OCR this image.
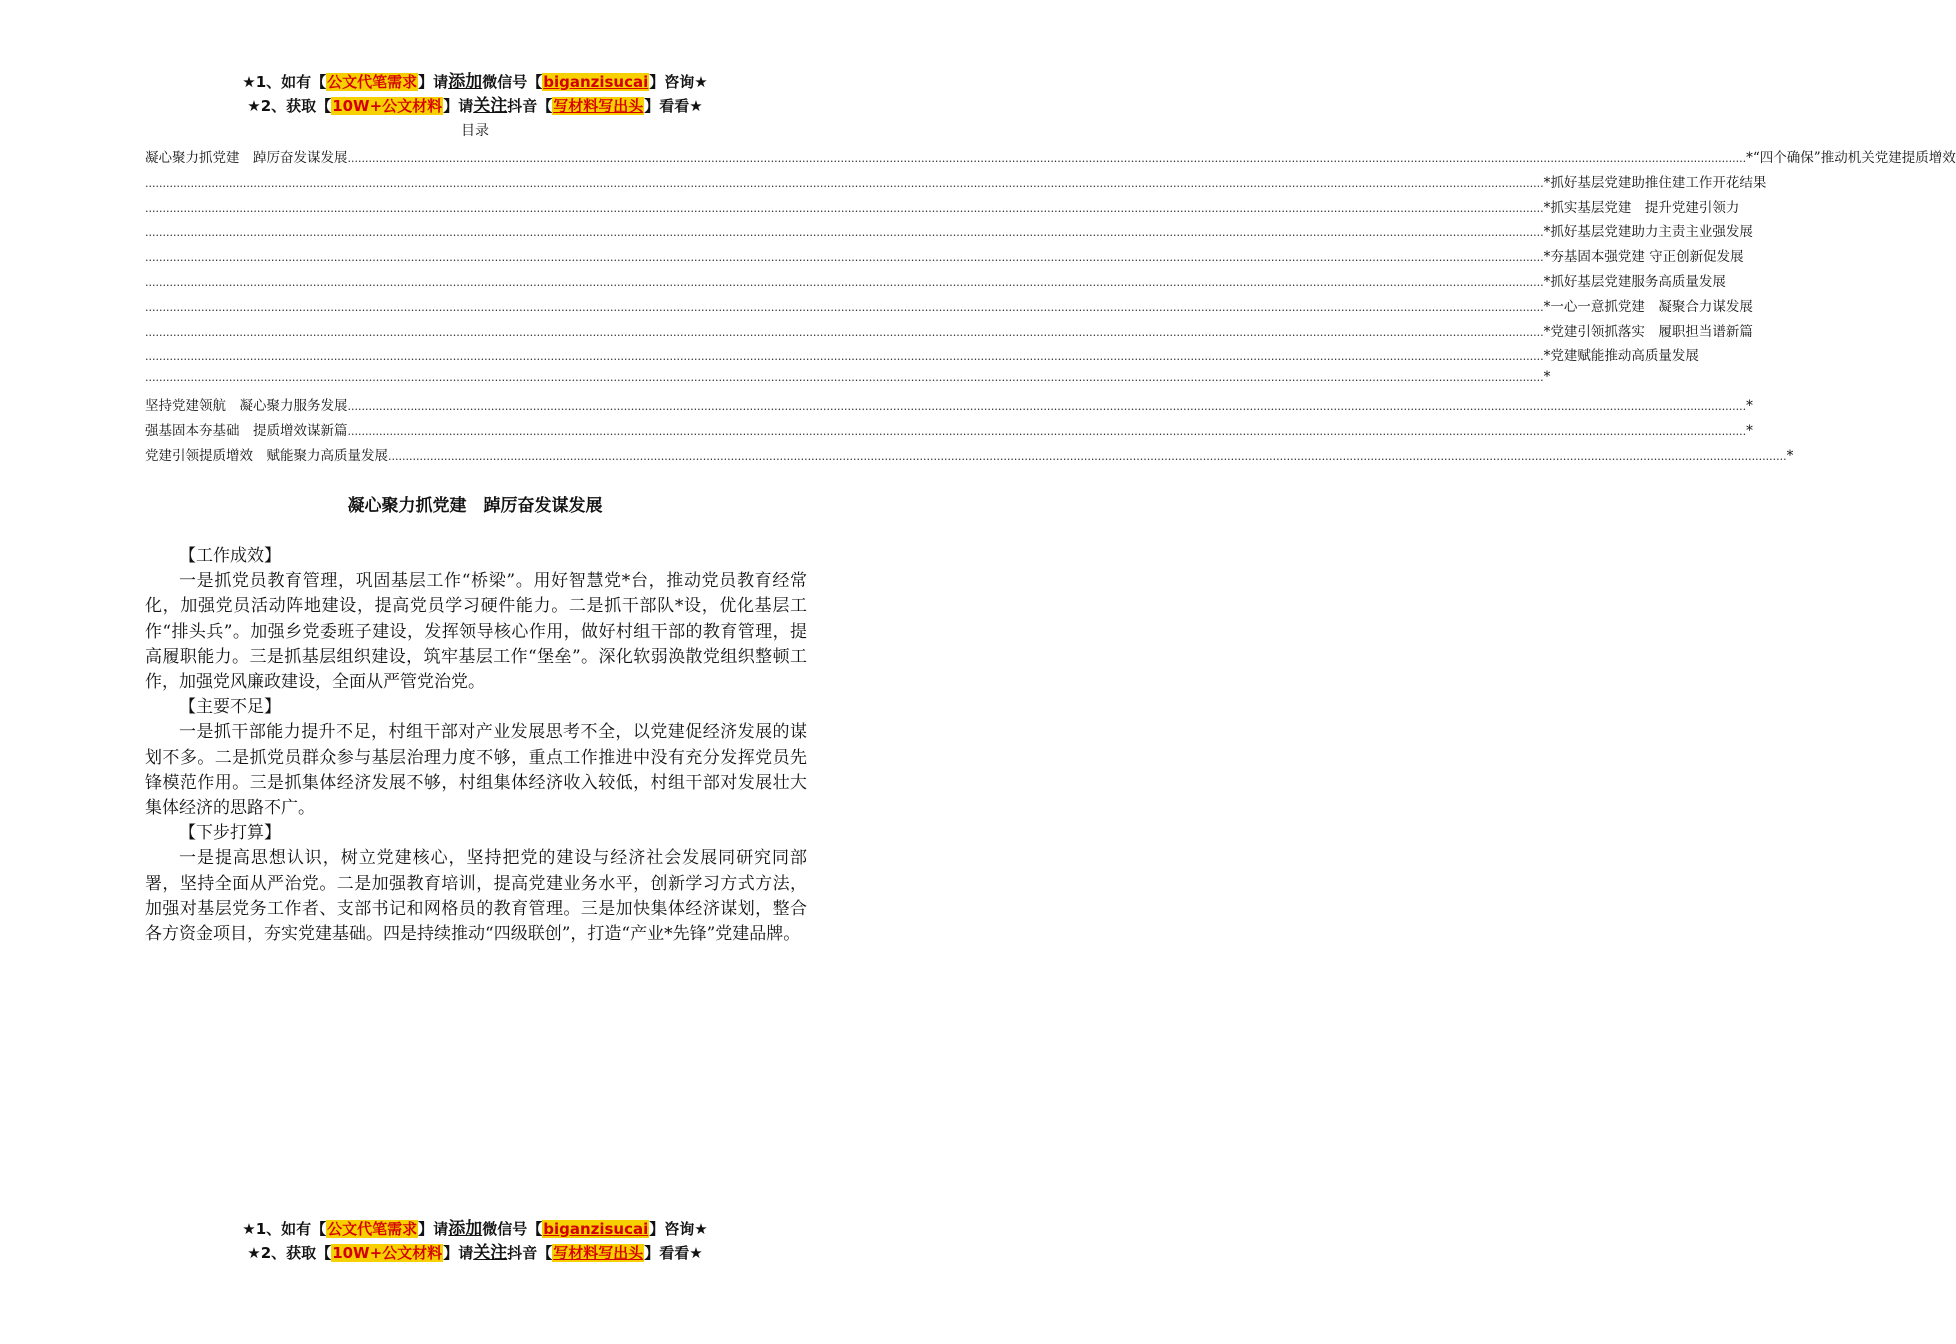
★1、如有【公文代笔需求】请添加微信号【biganzisucai】咨询★
★2、获取【10W+公文材料】请关注抖音【写材料写出头】看看★
目录
凝心聚力抓党建　踔厉奋发谋发展 ................................................................................................................................................................................................................................................................................................................................................................................................................ *“四个确保”推动机关党建提质增效
................................................................................................................................................................................................................................................................................................................................................................................................................ *抓好基层党建助推住建工作开花结果
................................................................................................................................................................................................................................................................................................................................................................................................................ *抓实基层党建　提升党建引领力
................................................................................................................................................................................................................................................................................................................................................................................................................ *抓好基层党建助力主责主业强发展
................................................................................................................................................................................................................................................................................................................................................................................................................ *夯基固本强党建 守正创新促发展
................................................................................................................................................................................................................................................................................................................................................................................................................ *抓好基层党建服务高质量发展
................................................................................................................................................................................................................................................................................................................................................................................................................ *一心一意抓党建　凝聚合力谋发展
................................................................................................................................................................................................................................................................................................................................................................................................................ *党建引领抓落实　履职担当谱新篇
................................................................................................................................................................................................................................................................................................................................................................................................................ *党建赋能推动高质量发展
................................................................................................................................................................................................................................................................................................................................................................................................................ *
坚持党建领航　凝心聚力服务发展 ................................................................................................................................................................................................................................................................................................................................................................................................................ *
强基固本夯基础　提质增效谋新篇 ................................................................................................................................................................................................................................................................................................................................................................................................................ *
党建引领提质增效　赋能聚力高质量发展 ................................................................................................................................................................................................................................................................................................................................................................................................................ *
凝心聚力抓党建　踔厉奋发谋发展

【工作成效】

一是抓党员教育管理，巩固基层工作“桥梁”。用好智慧党*台，推动党员教育经常化，加强党员活动阵地建设，提高党员学习硬件能力。二是抓干部队*设，优化基层工作“排头兵”。加强乡党委班子建设，发挥领导核心作用，做好村组干部的教育管理，提高履职能力。三是抓基层组织建设，筑牢基层工作“堡垒”。深化软弱涣散党组织整顿工作，加强党风廉政建设，全面从严管党治党。

【主要不足】

一是抓干部能力提升不足，村组干部对产业发展思考不全，以党建促经济发展的谋划不多。二是抓党员群众参与基层治理力度不够，重点工作推进中没有充分发挥党员先锋模范作用。三是抓集体经济发展不够，村组集体经济收入较低，村组干部对发展壮大集体经济的思路不广。

【下步打算】

一是提高思想认识，树立党建核心，坚持把党的建设与经济社会发展同研究同部署，坚持全面从严治党。二是加强教育培训，提高党建业务水平，创新学习方式方法，加强对基层党务工作者、支部书记和网格员的教育管理。三是加快集体经济谋划，整合各方资金项目，夯实党建基础。四是持续推动“四级联创”，打造“产业*先锋”党建品牌。

★1、如有【公文代笔需求】请添加微信号【biganzisucai】咨询★
★2、获取【10W+公文材料】请关注抖音【写材料写出头】看看★
